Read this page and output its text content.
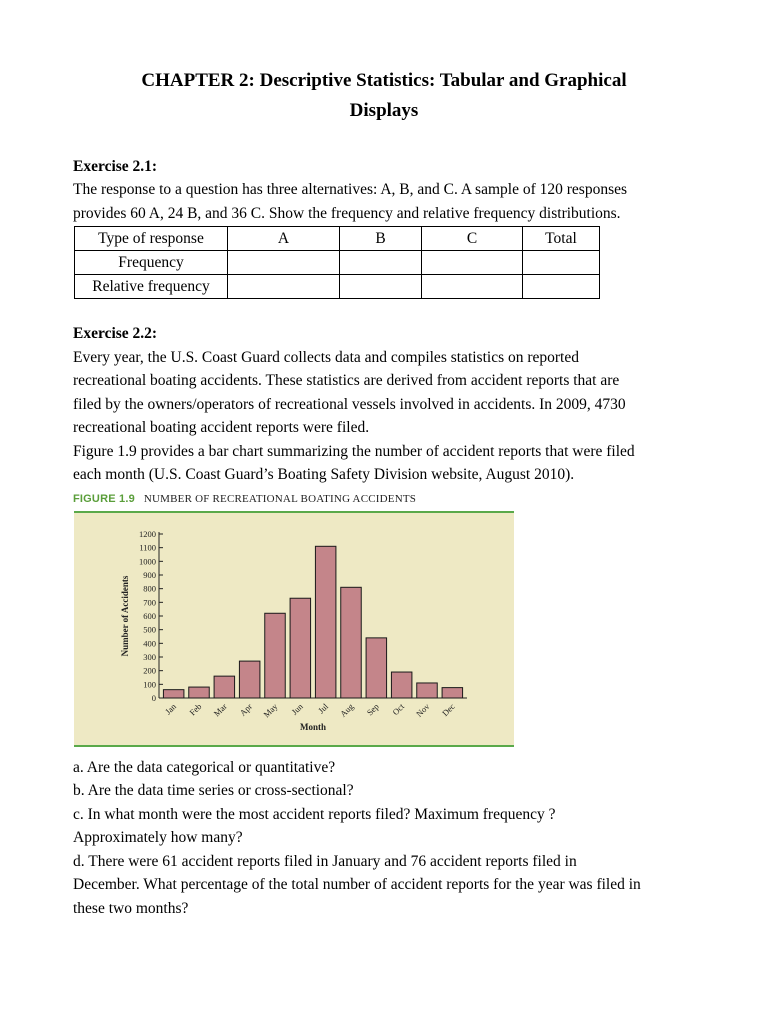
CHAPTER 2: Descriptive Statistics: Tabular and Graphical
Displays
Exercise 2.1:
The response to a question has three alternatives: A, B, and C. A sample of 120 responses
provides 60 A, 24 B, and 36 C. Show the frequency and relative frequency distributions.
Type of response	A	B	C	Total
Frequency				
Relative frequency				
Exercise 2.2:
Every year, the U.S. Coast Guard collects data and compiles statistics on reported
recreational boating accidents. These statistics are derived from accident reports that are
filed by the owners/operators of recreational vessels involved in accidents. In 2009, 4730
recreational boating accident reports were filed.
Figure 1.9 provides a bar chart summarizing the number of accident reports that were filed
each month (U.S. Coast Guard’s Boating Safety Division website, August 2010).
FIGURE 1.9 NUMBER OF RECREATIONAL BOATING ACCIDENTS
0
100
200
300
400
500
600
700
800
900
1000
1100
1200
Jan Feb Mar Apr May Jun Jul Aug Sep Oct Nov Dec
Month
Number of Accidents
a. Are the data categorical or quantitative?
b. Are the data time series or cross-sectional?
c. In what month were the most accident reports filed? Maximum frequency ?
Approximately how many?
d. There were 61 accident reports filed in January and 76 accident reports filed in
December. What percentage of the total number of accident reports for the year was filed in
these two months?
